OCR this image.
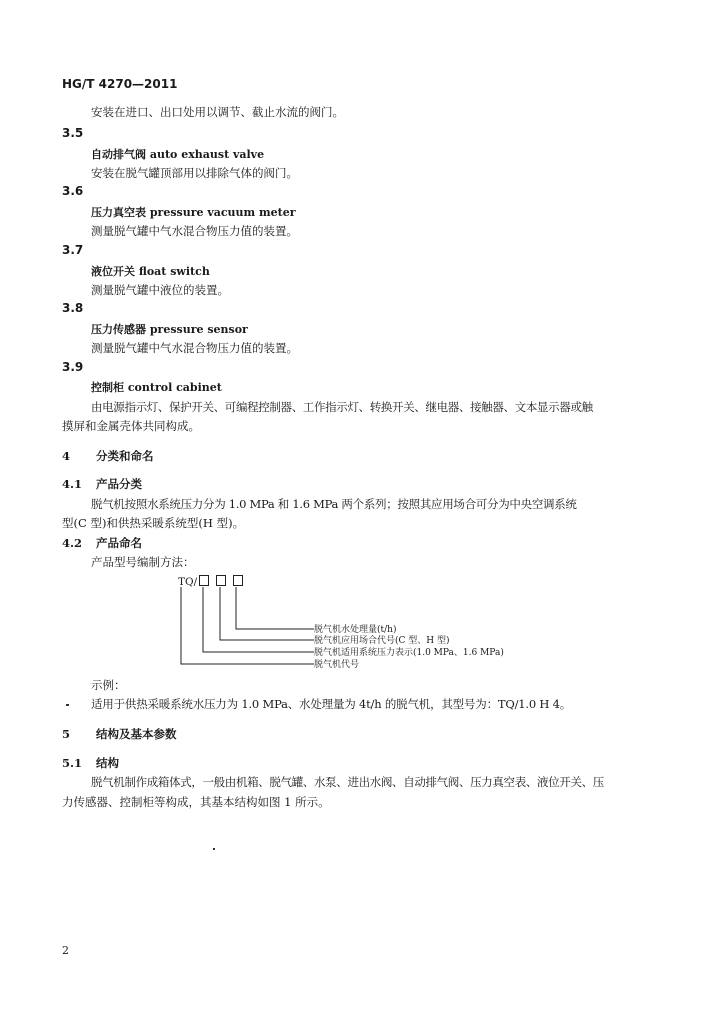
HG/T 4270—2011
安装在进口、出口处用以调节、截止水流的阀门。
3.5
自动排气阀 auto exhaust valve
安装在脱气罐顶部用以排除气体的阀门。
3.6
压力真空表 pressure vacuum meter
测量脱气罐中气水混合物压力值的装置。
3.7
液位开关 float switch
测量脱气罐中液位的装置。
3.8
压力传感器 pressure sensor
测量脱气罐中气水混合物压力值的装置。
3.9
控制柜 control cabinet
由电源指示灯、保护开关、可编程控制器、工作指示灯、转换开关、继电器、接触器、文本显示器或触
摸屏和金属壳体共同构成。
4 分类和命名
4.1 产品分类
脱气机按照水系统压力分为 1.0 MPa 和 1.6 MPa 两个系列；按照其应用场合可分为中央空调系统
型(C 型)和供热采暖系统型(H 型)。
4.2 产品命名
产品型号编制方法：
TQ/
脱气机水处理量(t/h)
脱气机应用场合代号(C 型、H 型)
脱气机适用系统压力表示(1.0 MPa、1.6 MPa)
脱气机代号
示例：
适用于供热采暖系统水压力为 1.0 MPa、水处理量为 4t/h 的脱气机，其型号为：TQ/1.0 H 4。
5 结构及基本参数
5.1 结构
脱气机制作成箱体式，一般由机箱、脱气罐、水泵、进出水阀、自动排气阀、压力真空表、液位开关、压
力传感器、控制柜等构成，其基本结构如图 1 所示。
2
